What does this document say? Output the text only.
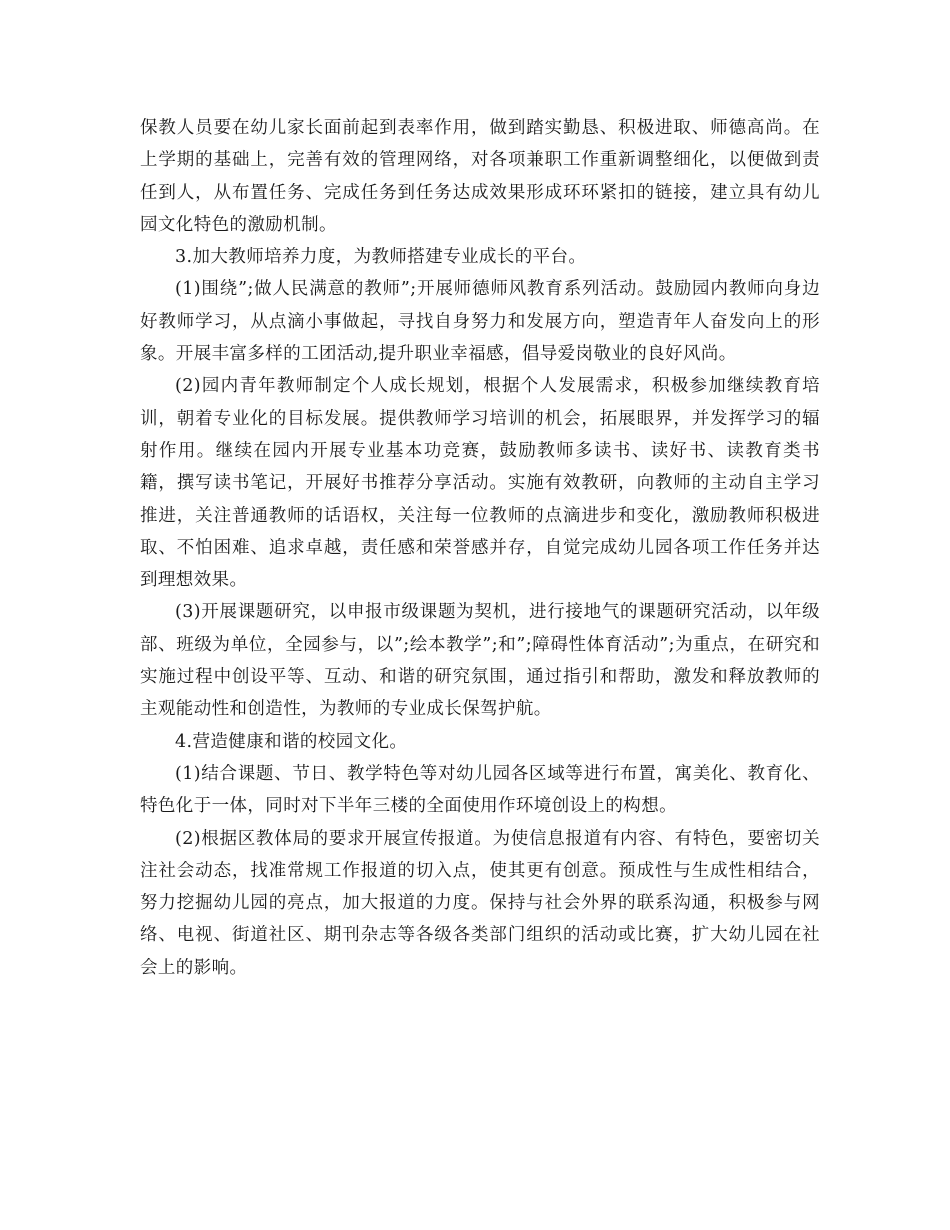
保教人员要在幼儿家长面前起到表率作用，做到踏实勤恳、积极进取、师德高尚。在上学期的基础上，完善有效的管理网络，对各项兼职工作重新调整细化，以便做到责任到人，从布置任务、完成任务到任务达成效果形成环环紧扣的链接，建立具有幼儿园文化特色的激励机制。

3.加大教师培养力度，为教师搭建专业成长的平台。

(1)围绕”;做人民满意的教师”;开展师德师风教育系列活动。鼓励园内教师向身边好教师学习，从点滴小事做起，寻找自身努力和发展方向，塑造青年人奋发向上的形象。开展丰富多样的工团活动,提升职业幸福感，倡导爱岗敬业的良好风尚。

(2)园内青年教师制定个人成长规划，根据个人发展需求，积极参加继续教育培训，朝着专业化的目标发展。提供教师学习培训的机会，拓展眼界，并发挥学习的辐射作用。继续在园内开展专业基本功竞赛，鼓励教师多读书、读好书、读教育类书籍，撰写读书笔记，开展好书推荐分享活动。实施有效教研，向教师的主动自主学习推进，关注普通教师的话语权，关注每一位教师的点滴进步和变化，激励教师积极进取、不怕困难、追求卓越，责任感和荣誉感并存，自觉完成幼儿园各项工作任务并达到理想效果。

(3)开展课题研究，以申报市级课题为契机，进行接地气的课题研究活动，以年级部、班级为单位，全园参与，以”;绘本教学”;和”;障碍性体育活动”;为重点，在研究和实施过程中创设平等、互动、和谐的研究氛围，通过指引和帮助，激发和释放教师的主观能动性和创造性，为教师的专业成长保驾护航。

4.营造健康和谐的校园文化。

(1)结合课题、节日、教学特色等对幼儿园各区域等进行布置，寓美化、教育化、特色化于一体，同时对下半年三楼的全面使用作环境创设上的构想。

(2)根据区教体局的要求开展宣传报道。为使信息报道有内容、有特色，要密切关注社会动态，找准常规工作报道的切入点，使其更有创意。预成性与生成性相结合，努力挖掘幼儿园的亮点，加大报道的力度。保持与社会外界的联系沟通，积极参与网络、电视、街道社区、期刊杂志等各级各类部门组织的活动或比赛，扩大幼儿园在社会上的影响。
